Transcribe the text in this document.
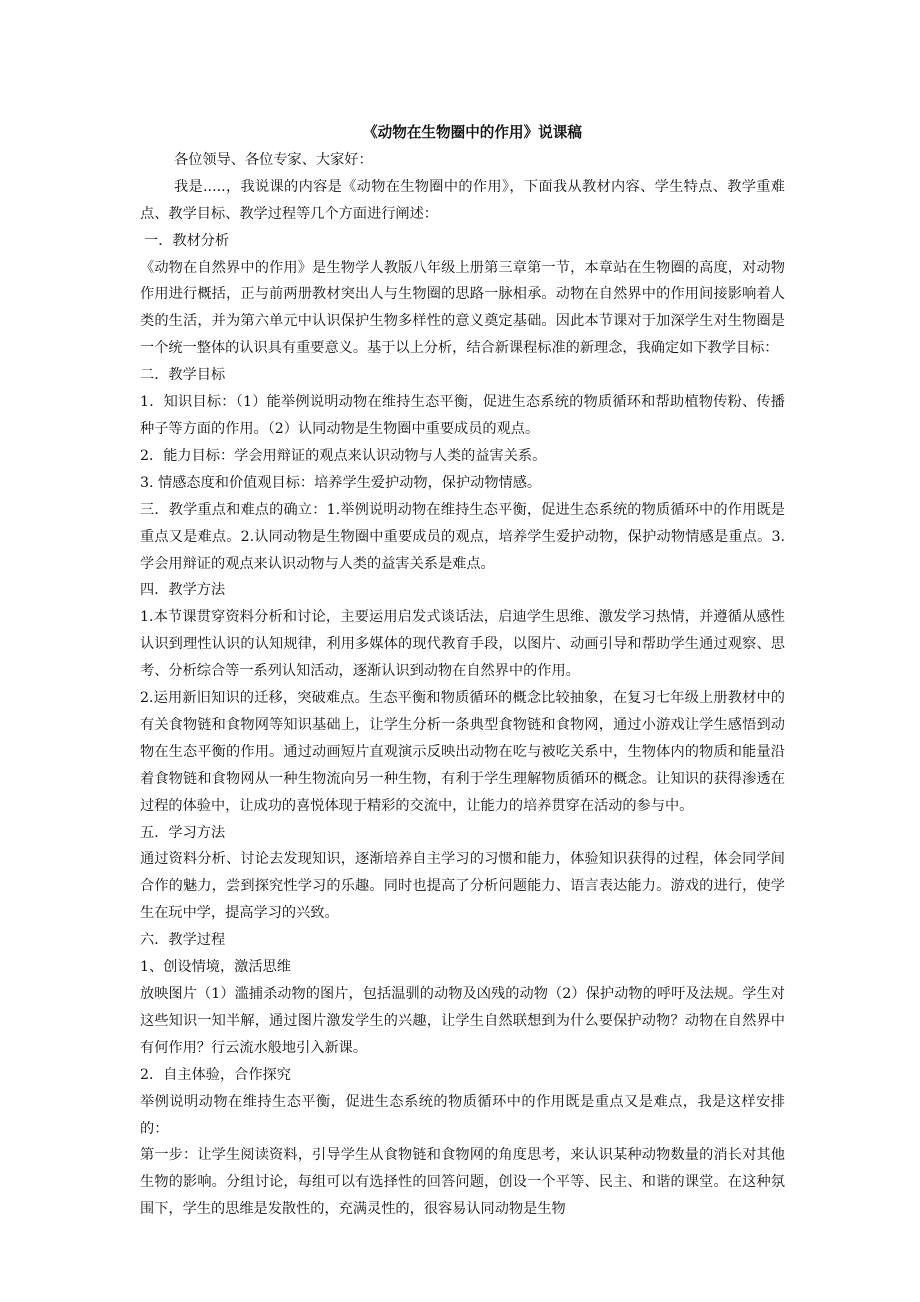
《动物在生物圈中的作用》说课稿

各位领导、各位专家、大家好：

我是.....，我说课的内容是《动物在生物圈中的作用》，下面我从教材内容、学生特点、教学重难点、教学目标、教学过程等几个方面进行阐述：

一．教材分析

《动物在自然界中的作用》是生物学人教版八年级上册第三章第一节，本章站在生物圈的高度，对动物作用进行概括，正与前两册教材突出人与生物圈的思路一脉相承。动物在自然界中的作用间接影响着人类的生活，并为第六单元中认识保护生物多样性的意义奠定基础。因此本节课对于加深学生对生物圈是一个统一整体的认识具有重要意义。基于以上分析，结合新课程标准的新理念，我确定如下教学目标：

二．教学目标

1．知识目标：（1）能举例说明动物在维持生态平衡，促进生态系统的物质循环和帮助植物传粉、传播种子等方面的作用。（2）认同动物是生物圈中重要成员的观点。

2．能力目标：学会用辩证的观点来认识动物与人类的益害关系。

3. 情感态度和价值观目标：培养学生爱护动物，保护动物情感。

三．教学重点和难点的确立：1.举例说明动物在维持生态平衡，促进生态系统的物质循环中的作用既是重点又是难点。2.认同动物是生物圈中重要成员的观点，培养学生爱护动物，保护动物情感是重点。3.学会用辩证的观点来认识动物与人类的益害关系是难点。

四．教学方法

1.本节课贯穿资料分析和讨论，主要运用启发式谈话法，启迪学生思维、激发学习热情，并遵循从感性认识到理性认识的认知规律，利用多媒体的现代教育手段，以图片、动画引导和帮助学生通过观察、思考、分析综合等一系列认知活动，逐渐认识到动物在自然界中的作用。

2.运用新旧知识的迁移，突破难点。生态平衡和物质循环的概念比较抽象，在复习七年级上册教材中的有关食物链和食物网等知识基础上，让学生分析一条典型食物链和食物网，通过小游戏让学生感悟到动物在生态平衡的作用。通过动画短片直观演示反映出动物在吃与被吃关系中，生物体内的物质和能量沿着食物链和食物网从一种生物流向另一种生物，有利于学生理解物质循环的概念。让知识的获得渗透在过程的体验中，让成功的喜悦体现于精彩的交流中，让能力的培养贯穿在活动的参与中。

五．学习方法

通过资料分析、讨论去发现知识，逐渐培养自主学习的习惯和能力，体验知识获得的过程，体会同学间合作的魅力，尝到探究性学习的乐趣。同时也提高了分析问题能力、语言表达能力。游戏的进行，使学生在玩中学，提高学习的兴致。

六．教学过程

1、创设情境，激活思维

放映图片（1）滥捕杀动物的图片，包括温驯的动物及凶残的动物（2）保护动物的呼吁及法规。学生对这些知识一知半解，通过图片激发学生的兴趣，让学生自然联想到为什么要保护动物？动物在自然界中有何作用？行云流水般地引入新课。

2．自主体验，合作探究

举例说明动物在维持生态平衡，促进生态系统的物质循环中的作用既是重点又是难点，我是这样安排的：

第一步：让学生阅读资料，引导学生从食物链和食物网的角度思考，来认识某种动物数量的消长对其他生物的影响。分组讨论，每组可以有选择性的回答问题，创设一个平等、民主、和谐的课堂。在这种氛围下，学生的思维是发散性的，充满灵性的，很容易认同动物是生物
